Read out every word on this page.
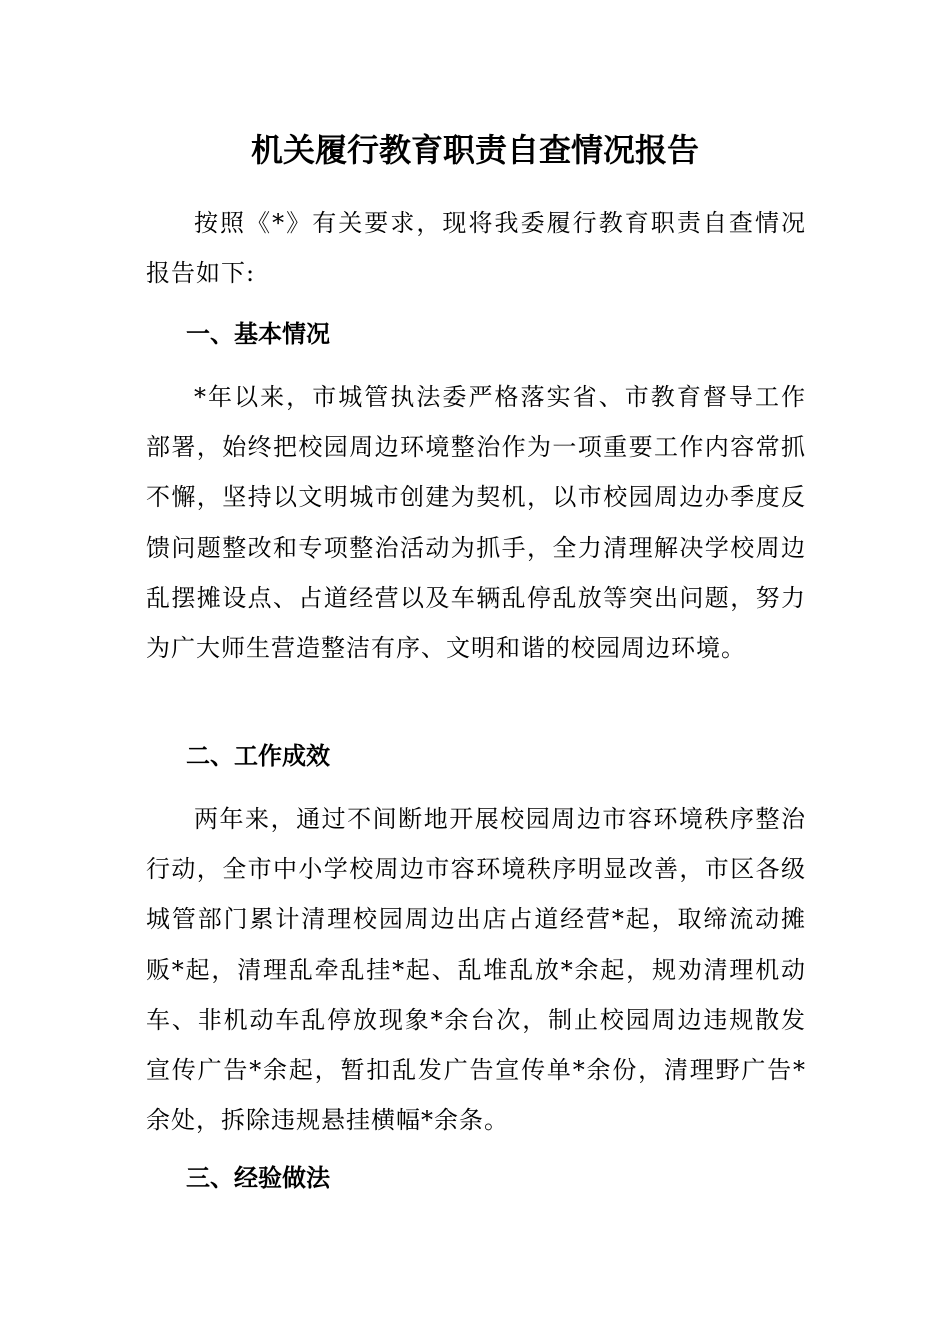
机关履行教育职责自查情况报告
按照《*》有关要求，现将我委履行教育职责自查情况报告如下:
一、基本情况
*年以来，市城管执法委严格落实省、市教育督导工作部署，始终把校园周边环境整治作为一项重要工作内容常抓不懈，坚持以文明城市创建为契机，以市校园周边办季度反馈问题整改和专项整治活动为抓手，全力清理解决学校周边乱摆摊设点、占道经营以及车辆乱停乱放等突出问题，努力为广大师生营造整洁有序、文明和谐的校园周边环境。
二、工作成效
两年来，通过不间断地开展校园周边市容环境秩序整治行动，全市中小学校周边市容环境秩序明显改善，市区各级城管部门累计清理校园周边出店占道经营*起，取缔流动摊贩*起，清理乱牵乱挂*起、乱堆乱放*余起，规劝清理机动车、非机动车乱停放现象*余台次，制止校园周边违规散发宣传广告*余起，暂扣乱发广告宣传单*余份，清理野广告*余处，拆除违规悬挂横幅*余条。
三、经验做法
